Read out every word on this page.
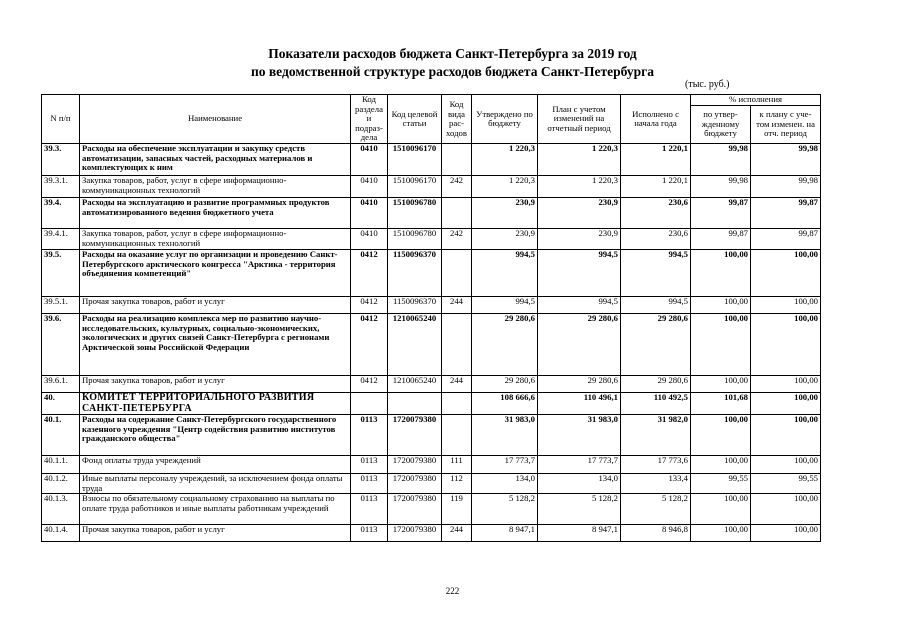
Показатели расходов бюджета Санкт-Петербурга за 2019 год
по ведомственной структуре расходов бюджета Санкт-Петербурга
(тыс. руб.)
N п/п	Наименование	Код раздела и подраз-дела	Код целевой статьи	Код вида рас-ходов	Утверждено по бюджету	План с учетом изменений на отчетный период	Исполнено с начала года	% исполнения	
								по утвер-жденному бюджету	к плану с уче-том изменен. на отч. период
39.3.	Расходы на обеспечение эксплуатации и закупку средств автоматизации, запасных частей, расходных материалов и комплектующих к ним	0410	1510096170		1 220,3	1 220,3	1 220,1	99,98	99,98
39.3.1.	Закупка товаров, работ, услуг в сфере информационно-коммуникационных технологий	0410	1510096170	242	1 220,3	1 220,3	1 220,1	99,98	99,98
39.4.	Расходы на эксплуатацию и развитие программных продуктов автоматизированного ведения бюджетного учета	0410	1510096780		230,9	230,9	230,6	99,87	99,87
39.4.1.	Закупка товаров, работ, услуг в сфере информационно-коммуникационных технологий	0410	1510096780	242	230,9	230,9	230,6	99,87	99,87
39.5.	Расходы на оказание услуг по организации и проведению Санкт-Петербургского арктического конгресса "Арктика - территория объединения компетенций"	0412	1150096370		994,5	994,5	994,5	100,00	100,00
39.5.1.	Прочая закупка товаров, работ и услуг	0412	1150096370	244	994,5	994,5	994,5	100,00	100,00
39.6.	Расходы на реализацию комплекса мер по развитию научно-исследовательских, культурных, социально-экономических, экологических и других связей Санкт-Петербурга с регионами Арктической зоны Российской Федерации	0412	1210065240		29 280,6	29 280,6	29 280,6	100,00	100,00
39.6.1.	Прочая закупка товаров, работ и услуг	0412	1210065240	244	29 280,6	29 280,6	29 280,6	100,00	100,00
40.	КОМИТЕТ ТЕРРИТОРИАЛЬНОГО РАЗВИТИЯ САНКТ-ПЕТЕРБУРГА				108 666,6	110 496,1	110 492,5	101,68	100,00
40.1.	Расходы на содержание Санкт-Петербургского государственного казенного учреждения "Центр содействия развитию институтов гражданского общества"	0113	1720079380		31 983,0	31 983,0	31 982,0	100,00	100,00
40.1.1.	Фонд оплаты труда учреждений	0113	1720079380	111	17 773,7	17 773,7	17 773,6	100,00	100,00
40.1.2.	Иные выплаты персоналу учреждений, за исключением фонда оплаты труда	0113	1720079380	112	134,0	134,0	133,4	99,55	99,55
40.1.3.	Взносы по обязательному социальному страхованию на выплаты по оплате труда работников и иные выплаты работникам учреждений	0113	1720079380	119	5 128,2	5 128,2	5 128,2	100,00	100,00
40.1.4.	Прочая закупка товаров, работ и услуг	0113	1720079380	244	8 947,1	8 947,1	8 946,8	100,00	100,00
222
